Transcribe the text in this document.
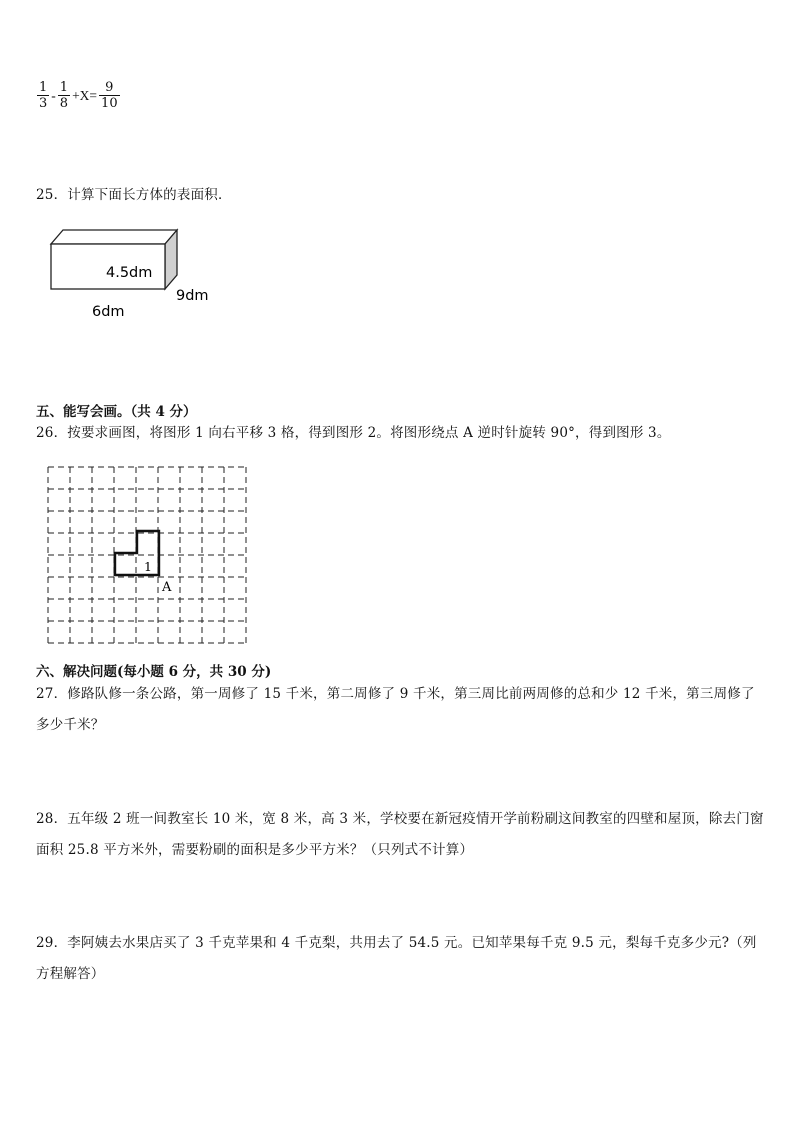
$\frac{1}{3} - \frac{1}{8} +X= \frac{9}{10}$
25．计算下面长方体的表面积．
4.5dm
9dm
6dm
五、能写会画。（共 4 分）
26．按要求画图，将图形 1 向右平移 3 格，得到图形 2。将图形绕点 A 逆时针旋转 90°，得到图形 3。
1
A
六、解决问题(每小题 6 分，共 30 分)
27．修路队修一条公路，第一周修了 15 千米，第二周修了 9 千米，第三周比前两周修的总和少 12 千米，第三周修了多少千米？
28．五年级 2 班一间教室长 10 米，宽 8 米，高 3 米，学校要在新冠疫情开学前粉刷这间教室的四壁和屋顶，除去门窗面积 25.8 平方米外，需要粉刷的面积是多少平方米？（只列式不计算）
29．李阿姨去水果店买了 3 千克苹果和 4 千克梨，共用去了 54.5 元。已知苹果每千克 9.5 元，梨每千克多少元?（列方程解答）
